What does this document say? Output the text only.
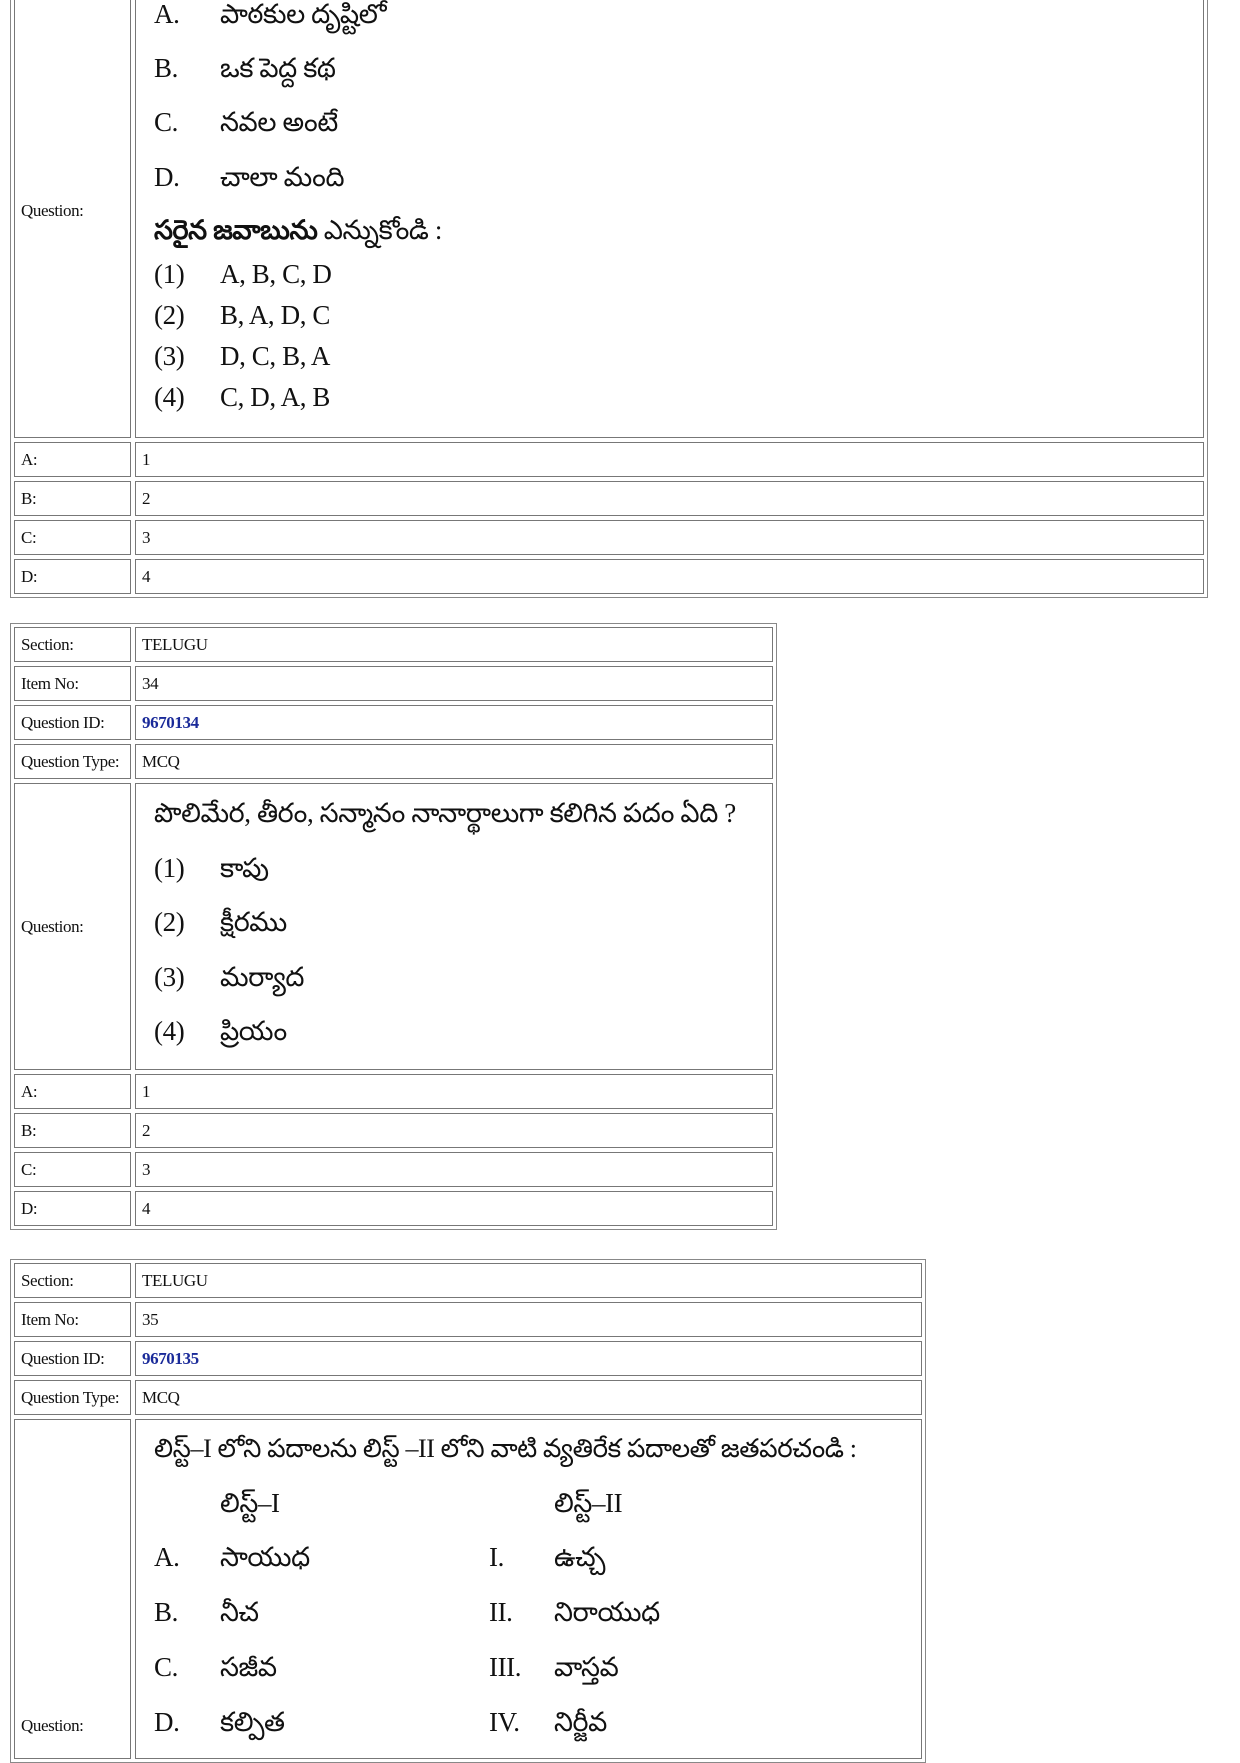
Question:
A.	పాఠకుల దృష్టిలో
B.	ఒక పెద్ద కథ
C.	నవల అంటే
D.	చాలా మంది
సరైన జవాబును ఎన్నుకోండి :
(1)	A, B, C, D
(2)	B, A, D, C
(3)	D, C, B, A
(4)	C, D, A, B
A:	1
B:	2
C:	3
D:	4
Section:	TELUGU
Item No:	34
Question ID:	9670134
Question Type:	MCQ
Question:
పొలిమేర, తీరం, సన్మానం నానార్థాలుగా కలిగిన పదం ఏది ?
(1)	కాపు
(2)	క్షీరము
(3)	మర్యాద
(4)	ప్రియం
A:	1
B:	2
C:	3
D:	4
Section:	TELUGU
Item No:	35
Question ID:	9670135
Question Type:	MCQ
Question:
లిస్ట్–I లోని పదాలను లిస్ట్ –II లోని వాటి వ్యతిరేక పదాలతో జతపరచండి :
లిస్ట్–I	లిస్ట్–II
A.	సాయుధ	I. ఉచ్చ
B.	నీచ	II. నిరాయుధ
C.	సజీవ	III. వాస్తవ
D.	కల్పిత	IV. నిర్జీవ
